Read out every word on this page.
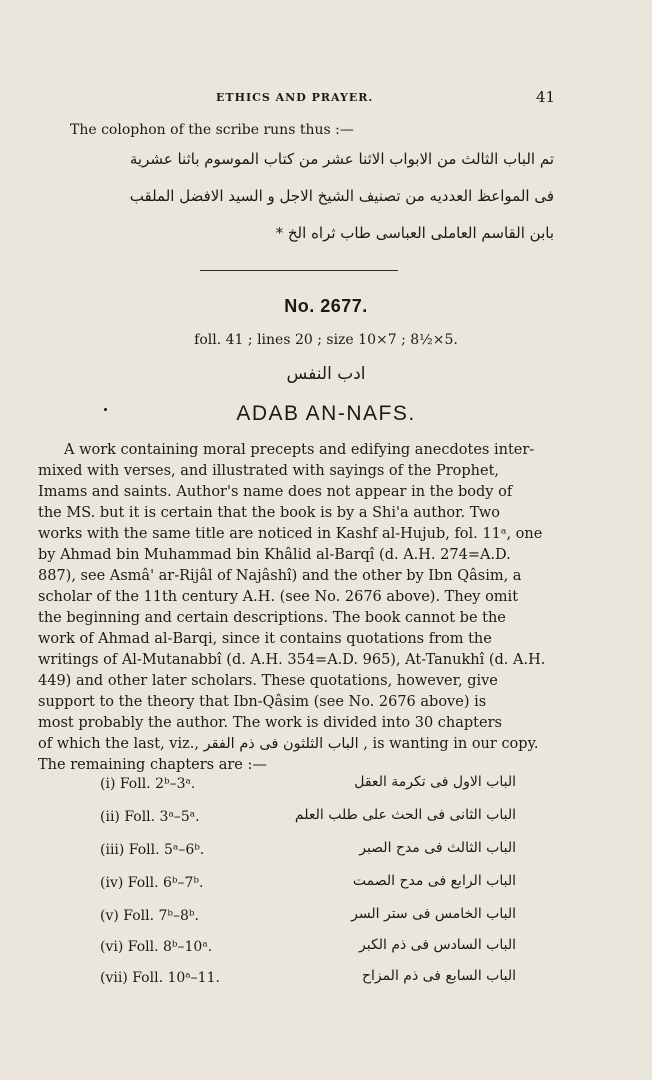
ETHICS AND PRAYER.	41
The colophon of the scribe runs thus :—
تم الباب الثالث من الابواب الاثنا عشر من كتاب الموسوم باثنا عشرية
فى المواعظ العدديه من تصنيف الشيخ الاجل و السيد الافضل الملقب
بابن القاسم العاملى العباسى طاب ثراه الخ *
No. 2677.
foll. 41 ; lines 20 ; size 10×7 ; 8½×5.
ادب النفس
ADAB AN-NAFS.
A work containing moral precepts and edifying anecdotes inter-
mixed with verses, and illustrated with sayings of the Prophet,
Imams and saints. Author's name does not appear in the body of
the MS. but it is certain that the book is by a Shi'a author. Two
works with the same title are noticed in Kashf al-Hujub, fol. 11ᵃ, one
by Ahmad bin Muhammad bin Khâlid al-Barqî (d. A.H. 274=A.D.
887), see Asmâ' ar-Rijâl of Najâshî) and the other by Ibn Qâsim, a
scholar of the 11th century A.H. (see No. 2676 above). They omit
the beginning and certain descriptions. The book cannot be the
work of Ahmad al-Barqi, since it contains quotations from the
writings of Al-Mutanabbî (d. A.H. 354=A.D. 965), At-Tanukhî (d. A.H.
449) and other later scholars. These quotations, however, give
support to the theory that Ibn-Qâsim (see No. 2676 above) is
most probably the author. The work is divided into 30 chapters
of which the last, viz., الباب الثلثون فى ذم الفقر , is wanting in our copy.
The remaining chapters are :—
(i) Foll. 2ᵇ–3ᵃ.	الباب الاول فى تكرمة العقل
(ii) Foll. 3ᵃ–5ᵃ.	الباب الثانى فى الحث على طلب العلم
(iii) Foll. 5ᵃ–6ᵇ.	الباب الثالث فى مدح الصبر
(iv) Foll. 6ᵇ–7ᵇ.	الباب الرابع فى مدح الصمت
(v) Foll. 7ᵇ–8ᵇ.	الباب الخامس فى ستر السر
(vi) Foll. 8ᵇ–10ᵃ.	الباب السادس فى ذم الكبر
(vii) Foll. 10ᵃ–11.	الباب السابع فى ذم المزاح
